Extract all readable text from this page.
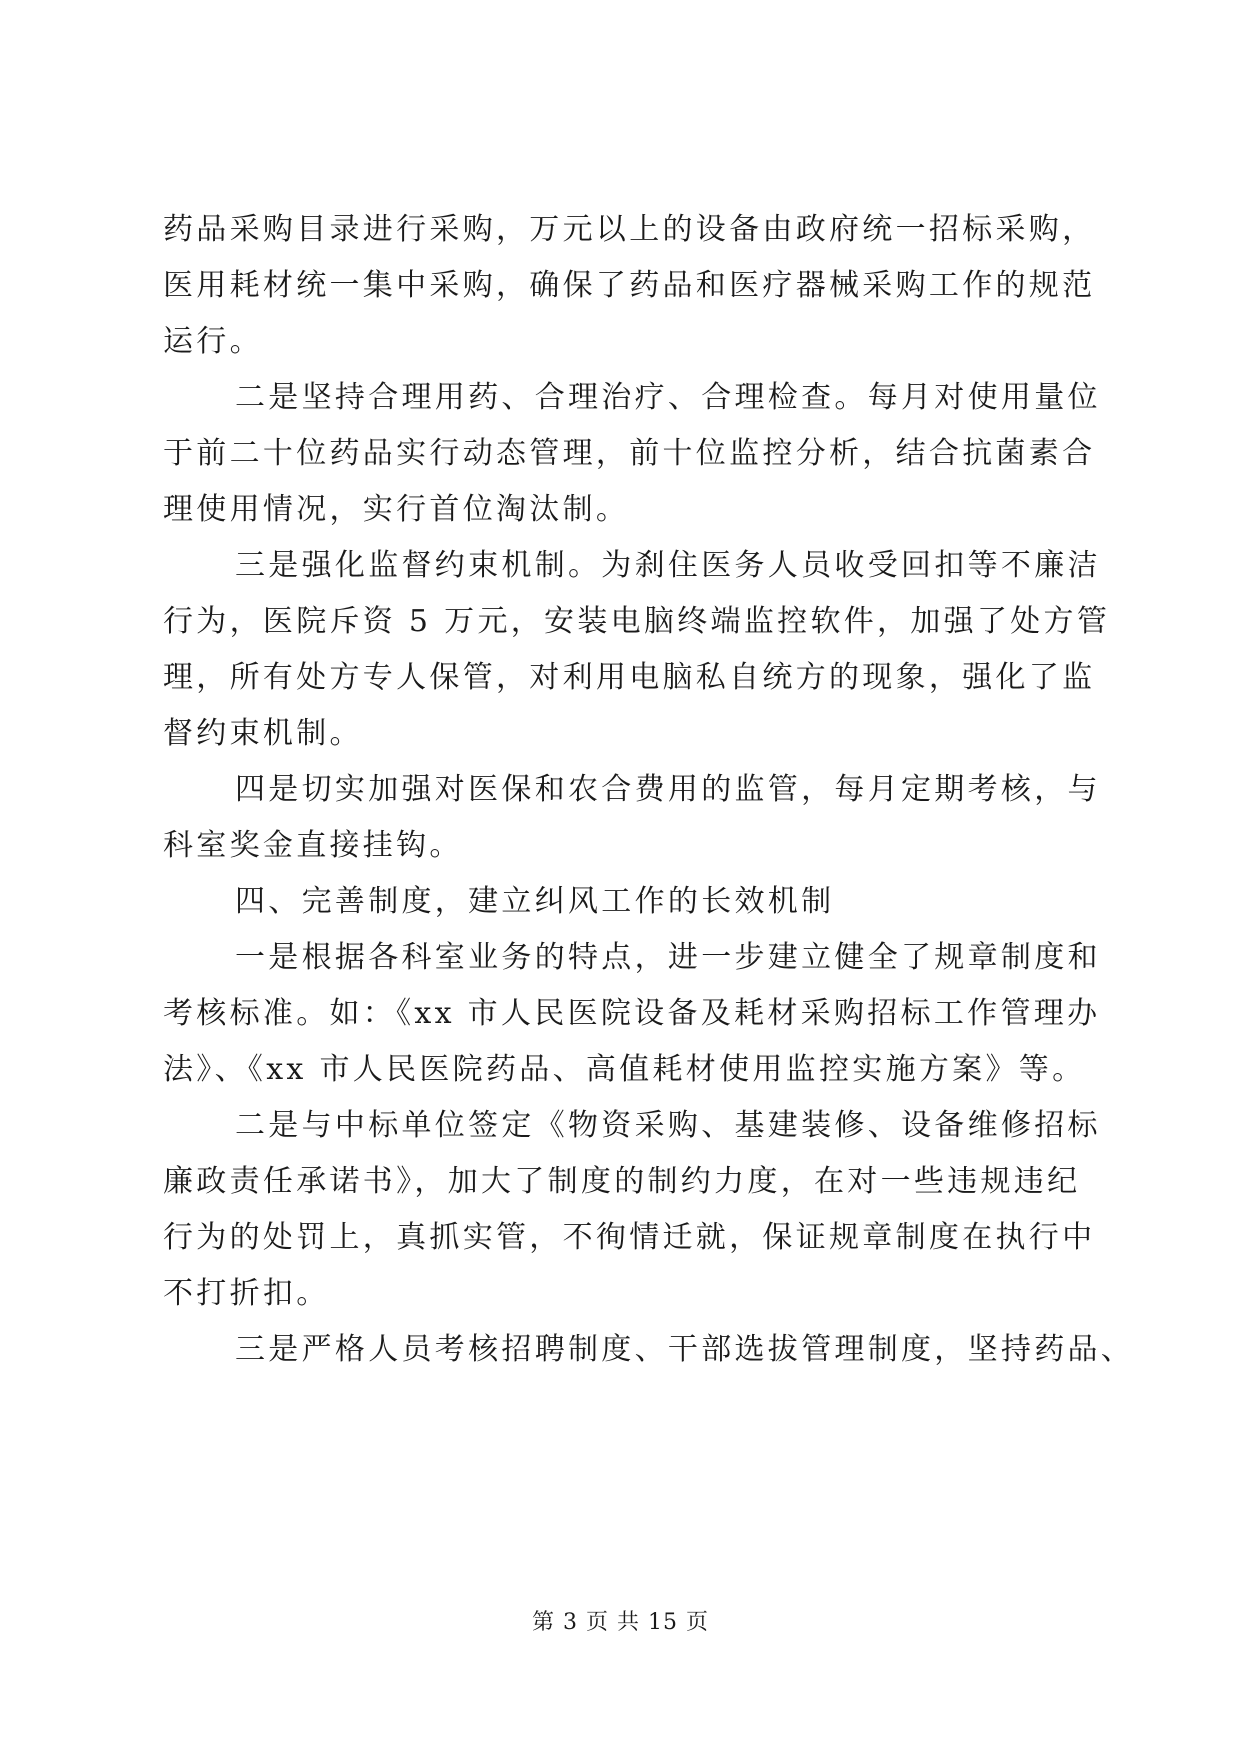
药品采购目录进行采购，万元以上的设备由政府统一招标采购，
医用耗材统一集中采购，确保了药品和医疗器械采购工作的规范
运行。
二是坚持合理用药、合理治疗、合理检查。每月对使用量位
于前二十位药品实行动态管理，前十位监控分析，结合抗菌素合
理使用情况，实行首位淘汰制。
三是强化监督约束机制。为刹住医务人员收受回扣等不廉洁
行为，医院斥资 5 万元，安装电脑终端监控软件，加强了处方管
理，所有处方专人保管，对利用电脑私自统方的现象，强化了监
督约束机制。
四是切实加强对医保和农合费用的监管，每月定期考核，与
科室奖金直接挂钩。
四、完善制度，建立纠风工作的长效机制
一是根据各科室业务的特点，进一步建立健全了规章制度和
考核标准。如：《xx 市人民医院设备及耗材采购招标工作管理办
法》、《xx 市人民医院药品、高值耗材使用监控实施方案》等。
二是与中标单位签定《物资采购、基建装修、设备维修招标
廉政责任承诺书》，加大了制度的制约力度，在对一些违规违纪
行为的处罚上，真抓实管，不徇情迁就，保证规章制度在执行中
不打折扣。
三是严格人员考核招聘制度、干部选拔管理制度，坚持药品、
第 3 页 共 15 页
